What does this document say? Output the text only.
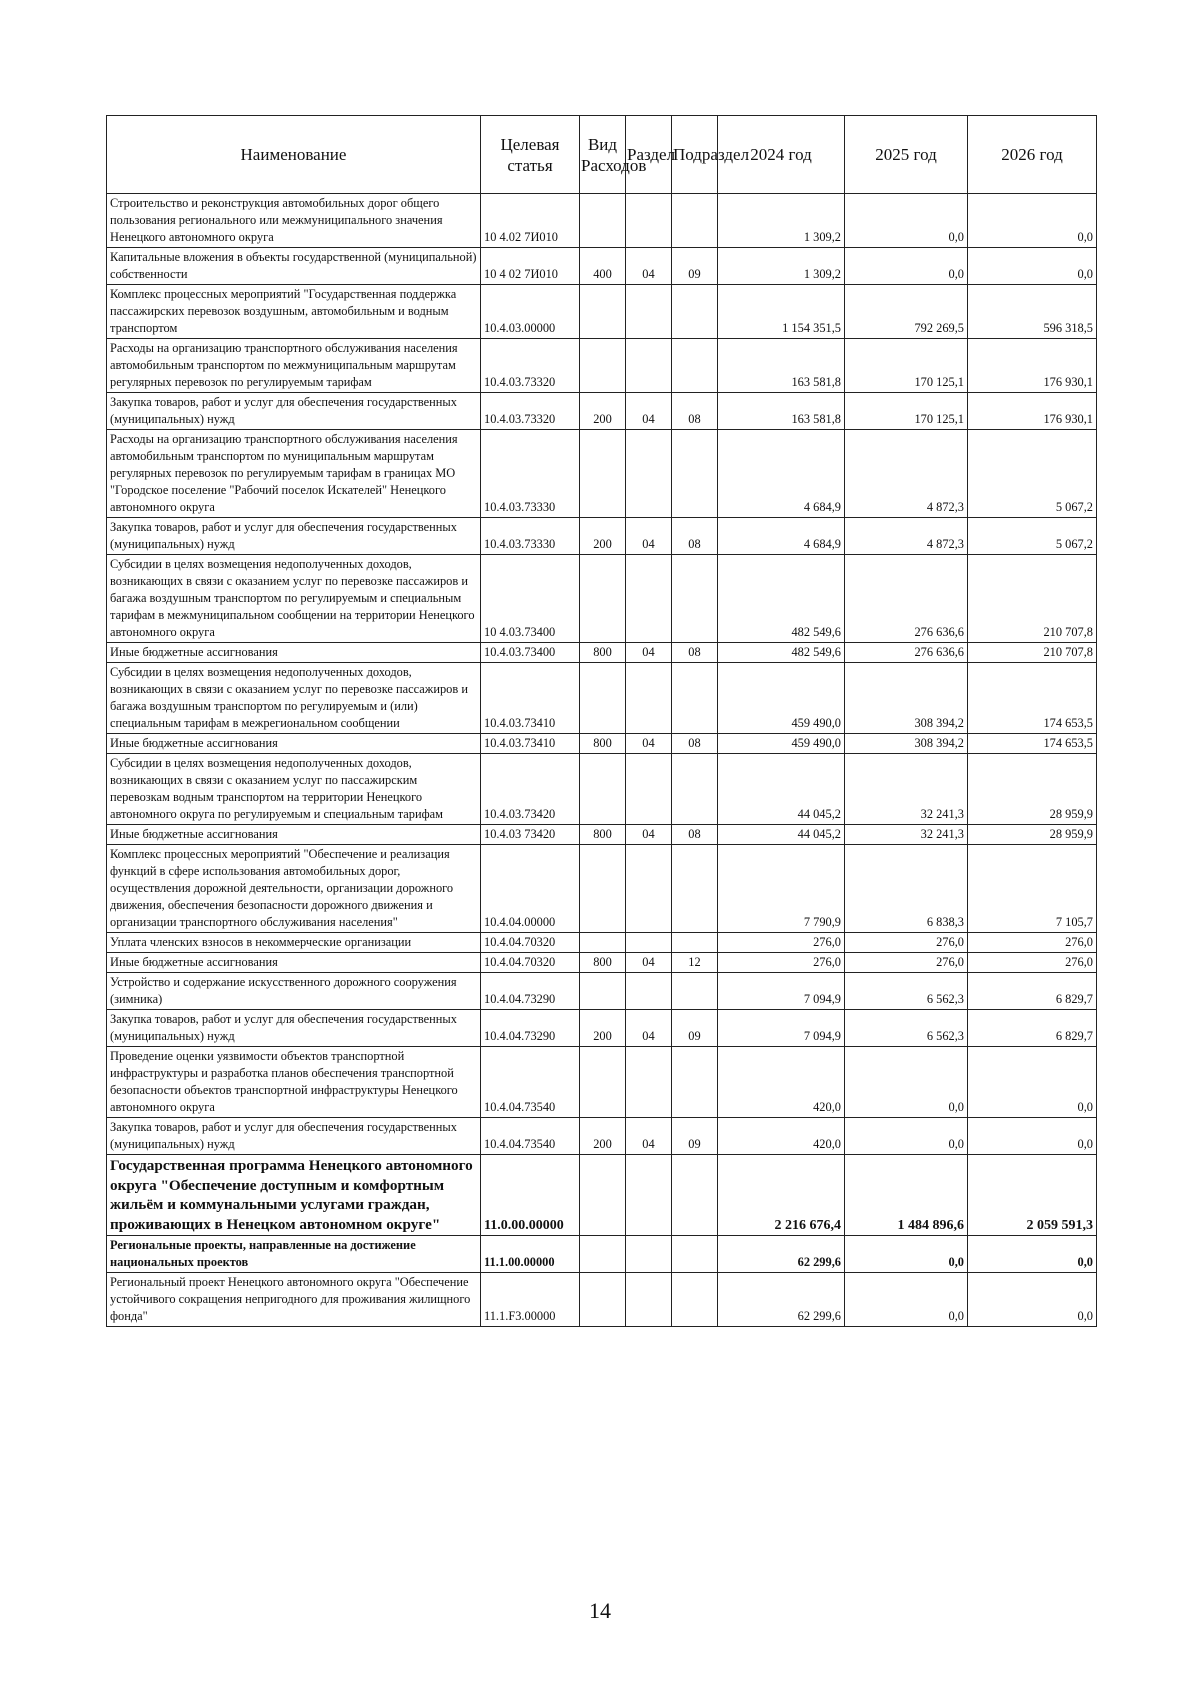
Наименование	Целевая статья	Вид Расходов	Раздел	Подраздел	2024 год	2025 год	2026 год
Строительство и реконструкция автомобильных дорог общего пользования регионального или межмуниципального значения Ненецкого автономного округа	10 4.02 7И010				1 309,2	0,0	0,0
Капитальные вложения в объекты государственной (муниципальной) собственности	10 4 02 7И010	400	04	09	1 309,2	0,0	0,0
Комплекс процессных мероприятий "Государственная поддержка пассажирских перевозок воздушным, автомобильным и водным транспортом	10.4.03.00000				1 154 351,5	792 269,5	596 318,5
Расходы на организацию транспортного обслуживания населения автомобильным транспортом по межмуниципальным маршрутам регулярных перевозок по регулируемым тарифам	10.4.03.73320				163 581,8	170 125,1	176 930,1
Закупка товаров, работ и услуг для обеспечения государственных (муниципальных) нужд	10.4.03.73320	200	04	08	163 581,8	170 125,1	176 930,1
Расходы на организацию транспортного обслуживания населения автомобильным транспортом по муниципальным маршрутам регулярных перевозок по регулируемым тарифам в границах МО "Городское поселение "Рабочий поселок Искателей" Ненецкого автономного округа	10.4.03.73330				4 684,9	4 872,3	5 067,2
Закупка товаров, работ и услуг для обеспечения государственных (муниципальных) нужд	10.4.03.73330	200	04	08	4 684,9	4 872,3	5 067,2
Субсидии в целях возмещения недополученных доходов, возникающих в связи с оказанием услуг по перевозке пассажиров и багажа воздушным транспортом по регулируемым и специальным тарифам в межмуниципальном сообщении на территории Ненецкого автономного округа	10 4.03.73400				482 549,6	276 636,6	210 707,8
Иные бюджетные ассигнования	10.4.03.73400	800	04	08	482 549,6	276 636,6	210 707,8
Субсидии в целях возмещения недополученных доходов, возникающих в связи с оказанием услуг по перевозке пассажиров и багажа воздушным транспортом по регулируемым и (или) специальным тарифам в межрегиональном сообщении	10.4.03.73410				459 490,0	308 394,2	174 653,5
Иные бюджетные ассигнования	10.4.03.73410	800	04	08	459 490,0	308 394,2	174 653,5
Субсидии в целях возмещения недополученных доходов, возникающих в связи с оказанием услуг по пассажирским перевозкам водным транспортом на территории Ненецкого автономного округа по регулируемым и специальным тарифам	10.4.03.73420				44 045,2	32 241,3	28 959,9
Иные бюджетные ассигнования	10.4.03 73420	800	04	08	44 045,2	32 241,3	28 959,9
Комплекс процессных мероприятий "Обеспечение и реализация функций в сфере использования автомобильных дорог, осуществления дорожной деятельности, организации дорожного движения, обеспечения безопасности дорожного движения и организации транспортного обслуживания населения"	10.4.04.00000				7 790,9	6 838,3	7 105,7
Уплата членских взносов в некоммерческие организации	10.4.04.70320				276,0	276,0	276,0
Иные бюджетные ассигнования	10.4.04.70320	800	04	12	276,0	276,0	276,0
Устройство и содержание искусственного дорожного сооружения (зимника)	10.4.04.73290				7 094,9	6 562,3	6 829,7
Закупка товаров, работ и услуг для обеспечения государственных (муниципальных) нужд	10.4.04.73290	200	04	09	7 094,9	6 562,3	6 829,7
Проведение оценки уязвимости объектов транспортной инфраструктуры и разработка планов обеспечения транспортной безопасности объектов транспортной инфраструктуры Ненецкого автономного округа	10.4.04.73540				420,0	0,0	0,0
Закупка товаров, работ и услуг для обеспечения государственных (муниципальных) нужд	10.4.04.73540	200	04	09	420,0	0,0	0,0
Государственная программа Ненецкого автономного округа "Обеспечение доступным и комфортным жильём и коммунальными услугами граждан, проживающих в Ненецком автономном округе"	11.0.00.00000				2 216 676,4	1 484 896,6	2 059 591,3
Региональные проекты, направленные на достижение национальных проектов	11.1.00.00000				62 299,6	0,0	0,0
Региональный проект Ненецкого автономного округа "Обеспечение устойчивого сокращения непригодного для проживания жилищного фонда"	11.1.F3.00000				62 299,6	0,0	0,0
14
